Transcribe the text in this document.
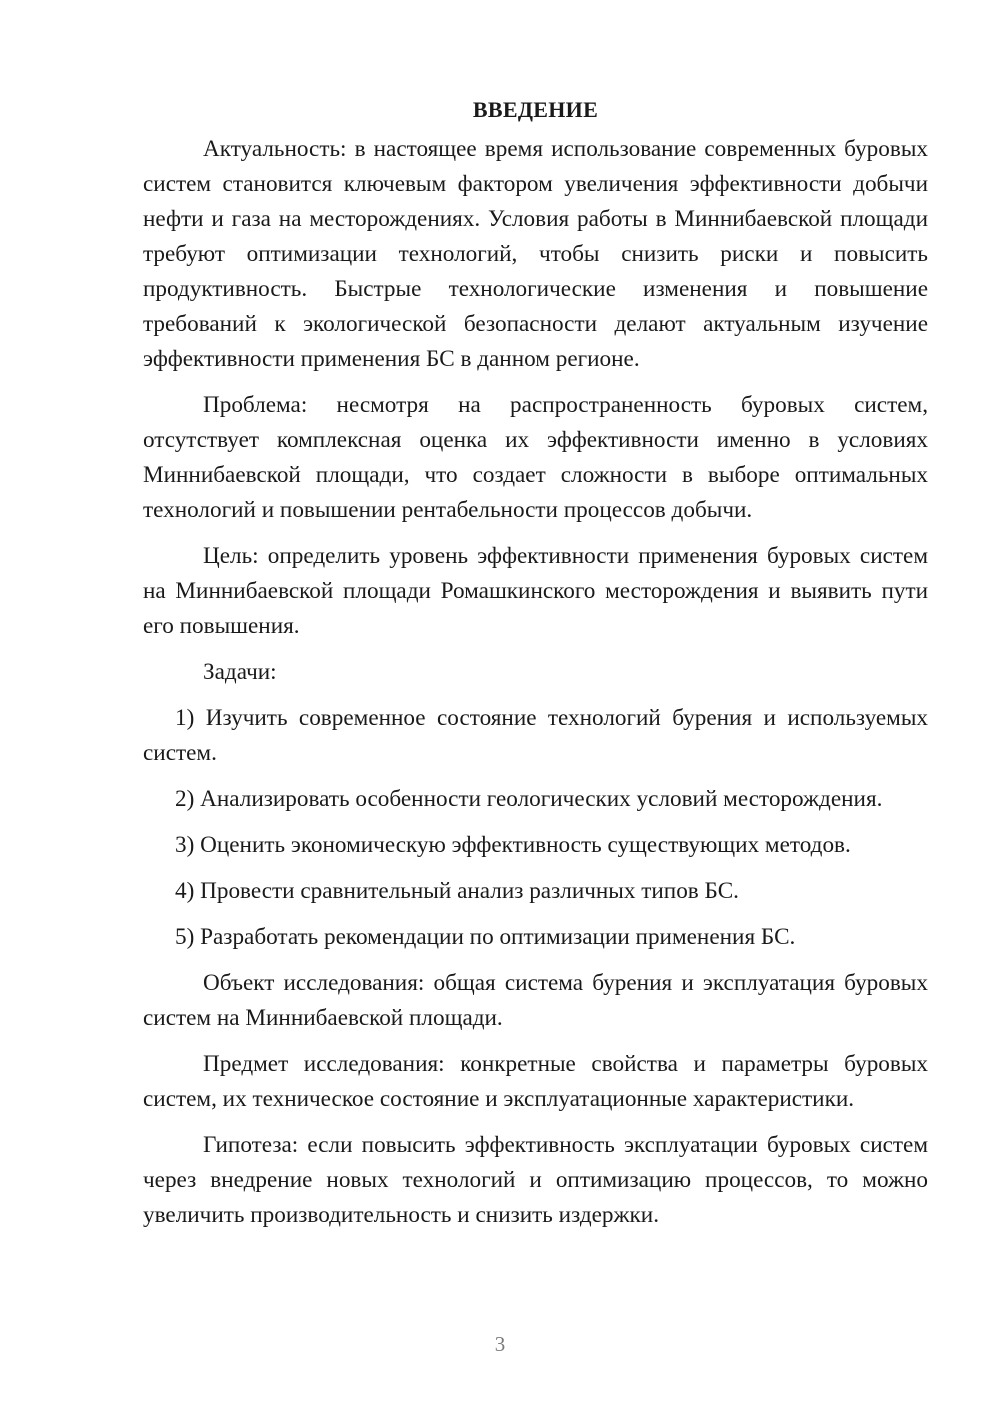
ВВЕДЕНИЕ

Актуальность: в настоящее время использование современных буровых систем становится ключевым фактором увеличения эффективности добычи нефти и газа на месторождениях. Условия работы в Миннибаевской площади требуют оптимизации технологий, чтобы снизить риски и повысить продуктивность. Быстрые технологические изменения и повышение требований к экологической безопасности делают актуальным изучение эффективности применения БС в данном регионе.

Проблема: несмотря на распространенность буровых систем, отсутствует комплексная оценка их эффективности именно в условиях Миннибаевской площади, что создает сложности в выборе оптимальных технологий и повышении рентабельности процессов добычи.

Цель: определить уровень эффективности применения буровых систем на Миннибаевской площади Ромашкинского месторождения и выявить пути его повышения.

Задачи:

1) Изучить современное состояние технологий бурения и используемых систем.

2) Анализировать особенности геологических условий месторождения.

3) Оценить экономическую эффективность существующих методов.

4) Провести сравнительный анализ различных типов БС.

5) Разработать рекомендации по оптимизации применения БС.

Объект исследования: общая система бурения и эксплуатация буровых систем на Миннибаевской площади.

Предмет исследования: конкретные свойства и параметры буровых систем, их техническое состояние и эксплуатационные характеристики.

Гипотеза: если повысить эффективность эксплуатации буровых систем через внедрение новых технологий и оптимизацию процессов, то можно увеличить производительность и снизить издержки.

3
